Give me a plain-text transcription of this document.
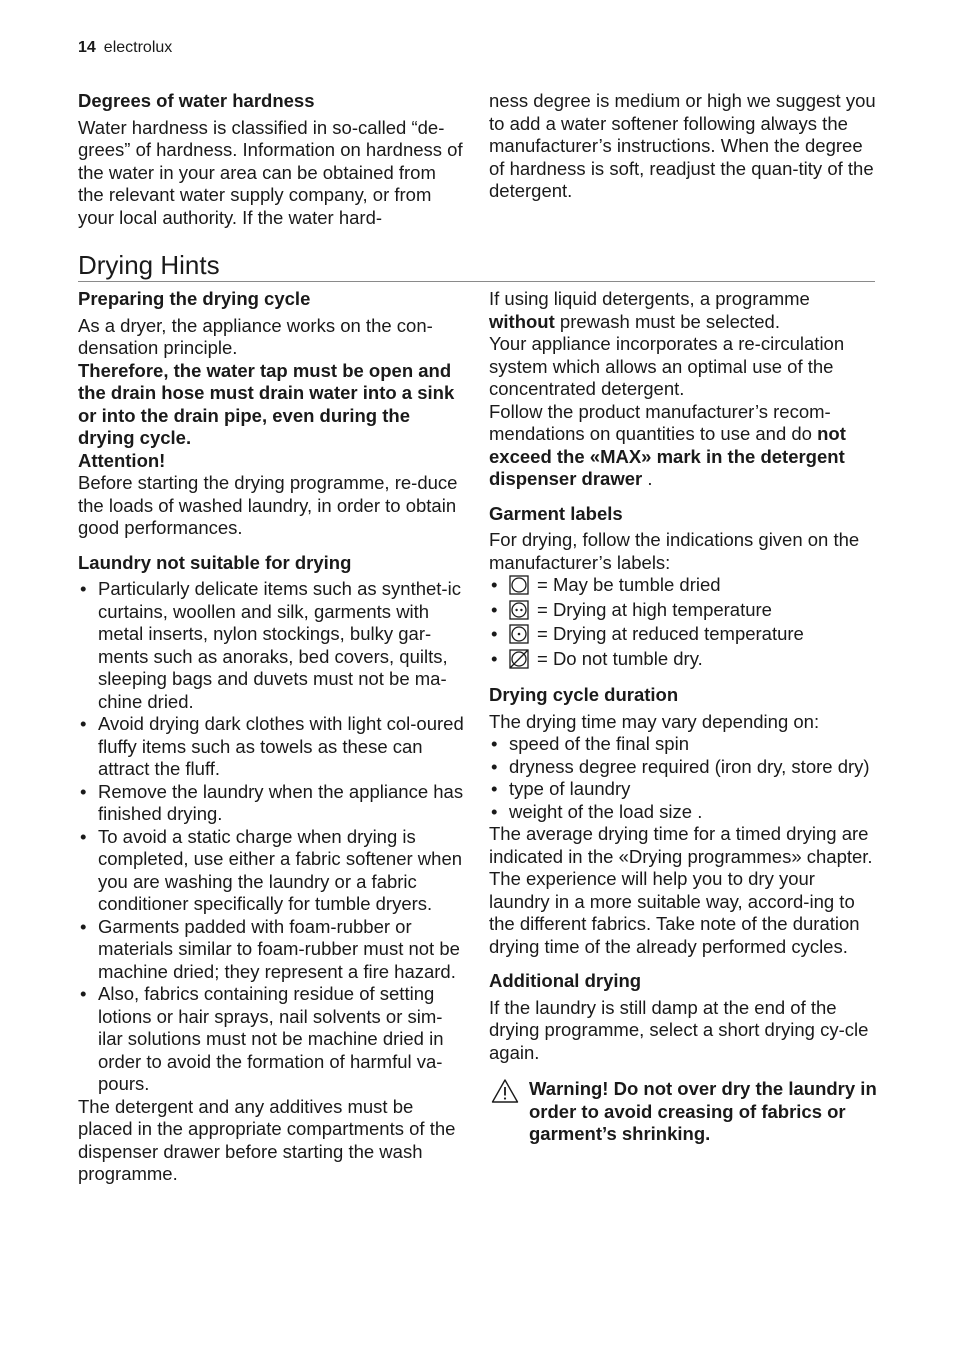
14 electrolux
Degrees of water hardness

Water hardness is classified in so-called “de-grees” of hardness. Information on hardness of the water in your area can be obtained from the relevant water supply company, or from your local authority. If the water hard-

ness degree is medium or high we suggest you to add a water softener following always the manufacturer’s instructions. When the degree of hardness is soft, readjust the quan-tity of the detergent.

Drying Hints
Preparing the drying cycle

As a dryer, the appliance works on the con-densation principle.

Therefore, the water tap must be open and the drain hose must drain water into a sink or into the drain pipe, even during the drying cycle.

Attention!

Before starting the drying programme, re-duce the loads of washed laundry, in order to obtain good performances.

Laundry not suitable for drying
• Particularly delicate items such as synthet-ic curtains, woollen and silk, garments with metal inserts, nylon stockings, bulky gar-ments such as anoraks, bed covers, quilts, sleeping bags and duvets must not be ma-chine dried.
• Avoid drying dark clothes with light col-oured fluffy items such as towels as these can attract the fluff.
• Remove the laundry when the appliance has finished drying.
• To avoid a static charge when drying is completed, use either a fabric softener when you are washing the laundry or a fabric conditioner specifically for tumble dryers.
• Garments padded with foam-rubber or materials similar to foam-rubber must not be machine dried; they represent a fire hazard.
• Also, fabrics containing residue of setting lotions or hair sprays, nail solvents or sim-ilar solutions must not be machine dried in order to avoid the formation of harmful va-pours.

The detergent and any additives must be placed in the appropriate compartments of the dispenser drawer before starting the wash programme.

If using liquid detergents, a programme without prewash must be selected.

Your appliance incorporates a re-circulation system which allows an optimal use of the concentrated detergent.

Follow the product manufacturer’s recom-mendations on quantities to use and do not exceed the «MAX» mark in the detergent dispenser drawer .

Garment labels

For drying, follow the indications given on the manufacturer’s labels:

• = May be tumble dried
• = Drying at high temperature
• = Drying at reduced temperature
• = Do not tumble dry.
Drying cycle duration

The drying time may vary depending on:

• speed of the final spin
• dryness degree required (iron dry, store dry)
• type of laundry
• weight of the load size .

The average drying time for a timed drying are indicated in the «Drying programmes» chapter. The experience will help you to dry your laundry in a more suitable way, accord-ing to the different fabrics. Take note of the duration drying time of the already performed cycles.

Additional drying

If the laundry is still damp at the end of the drying programme, select a short drying cy-cle again.

Warning! Do not over dry the laundry in order to avoid creasing of fabrics or garment’s shrinking.
